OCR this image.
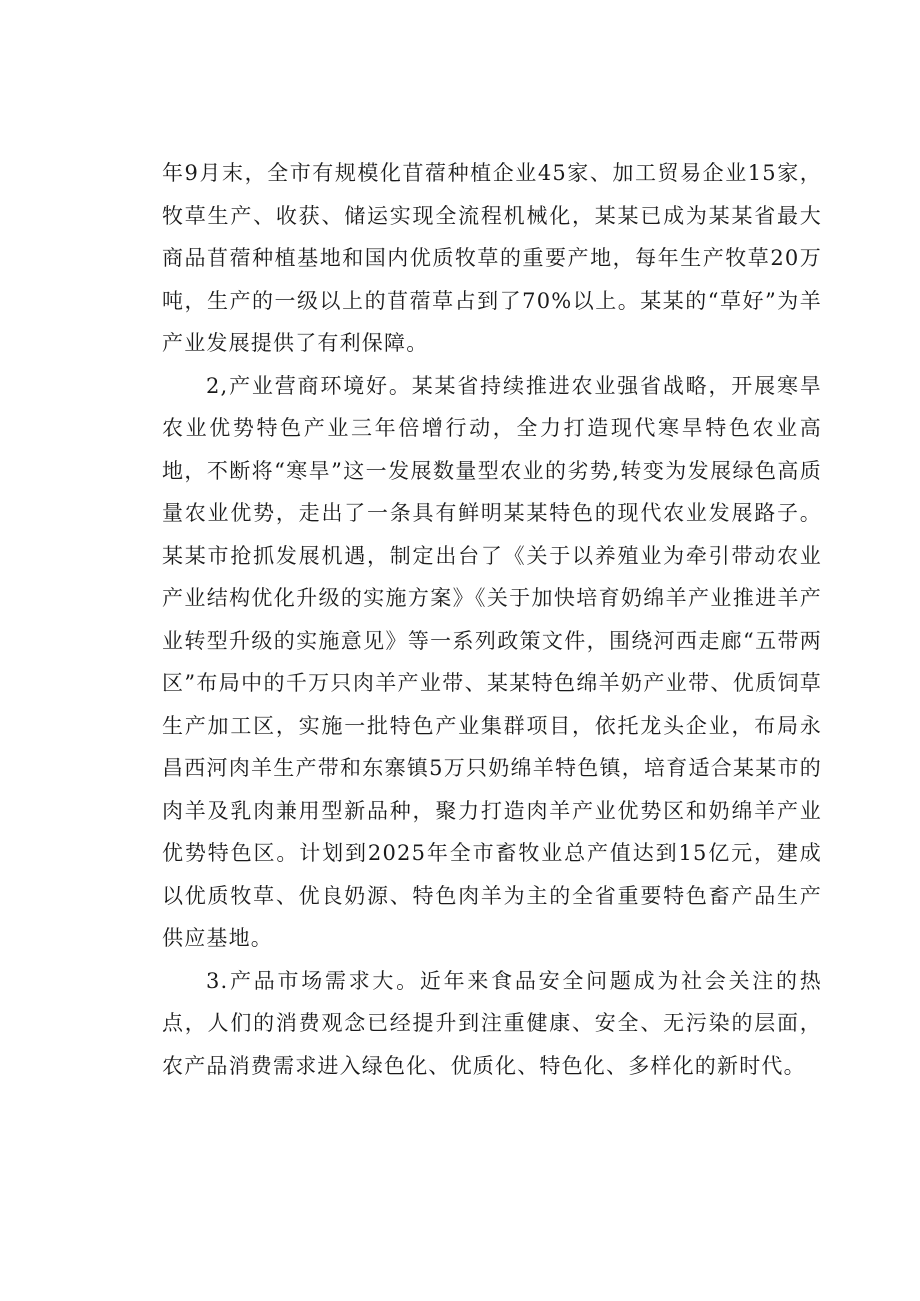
年9月末，全市有规模化苜蓿种植企业45家、加工贸易企业15家，牧草生产、收获、储运实现全流程机械化，某某已成为某某省最大商品苜蓿种植基地和国内优质牧草的重要产地，每年生产牧草20万吨，生产的一级以上的苜蓿草占到了70%以上。某某的“草好”为羊产业发展提供了有利保障。

2,产业营商环境好。某某省持续推进农业强省战略，开展寒旱农业优势特色产业三年倍增行动，全力打造现代寒旱特色农业高地，不断将“寒旱”这一发展数量型农业的劣势,转变为发展绿色高质量农业优势，走出了一条具有鲜明某某特色的现代农业发展路子。某某市抢抓发展机遇，制定出台了《关于以养殖业为牵引带动农业产业结构优化升级的实施方案》《关于加快培育奶绵羊产业推进羊产业转型升级的实施意见》等一系列政策文件，围绕河西走廊“五带两区”布局中的千万只肉羊产业带、某某特色绵羊奶产业带、优质饲草生产加工区，实施一批特色产业集群项目，依托龙头企业，布局永昌西河肉羊生产带和东寨镇5万只奶绵羊特色镇，培育适合某某市的肉羊及乳肉兼用型新品种，聚力打造肉羊产业优势区和奶绵羊产业优势特色区。计划到2025年全市畜牧业总产值达到15亿元，建成以优质牧草、优良奶源、特色肉羊为主的全省重要特色畜产品生产供应基地。

3.产品市场需求大。近年来食品安全问题成为社会关注的热点，人们的消费观念已经提升到注重健康、安全、无污染的层面，农产品消费需求进入绿色化、优质化、特色化、多样化的新时代。
